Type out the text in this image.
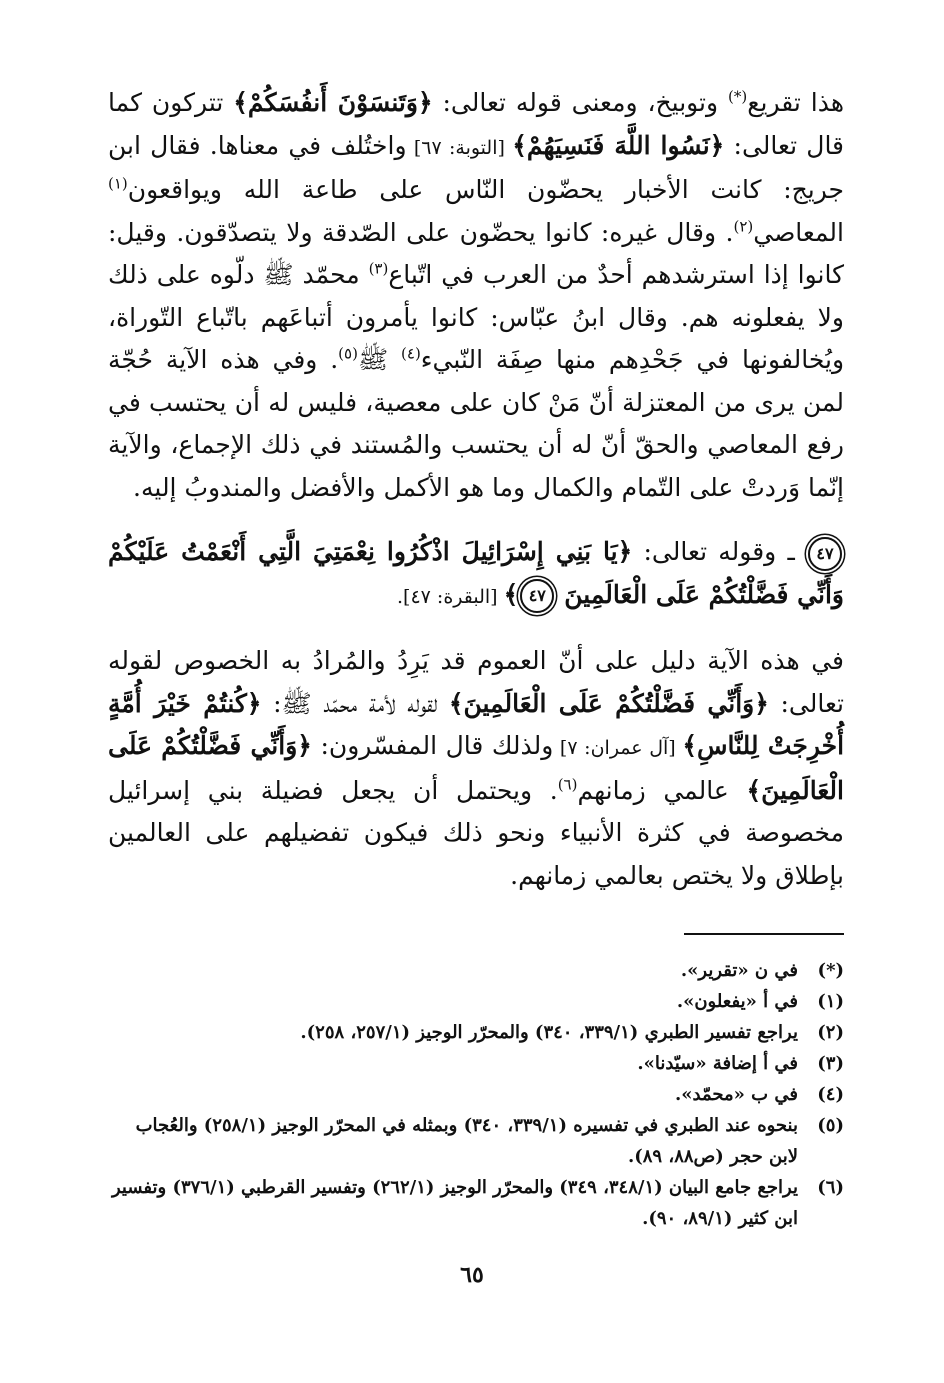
هذا تقريع(*) وتوبيخ، ومعنى قوله تعالى: ﴿وَتَنسَوْنَ أَنفُسَكُمْ﴾ تتركون كما قال تعالى: ﴿نَسُوا اللَّهَ فَنَسِيَهُمْ﴾ [التوبة: ٦٧] واختُلف في معناها. فقال ابن جريج: كانت الأخبار يحضّون النّاس على طاعة الله ويواقعون$^{(١)}$ المعاصي$^{(٢)}$. وقال غيره: كانوا يحضّون على الصّدقة ولا يتصدّقون. وقيل: كانوا إذا استرشدهم أحدٌ من العرب في اتّباع$^{(٣)}$ محمّد ﷺ دلّوه على ذلك ولا يفعلونه هم. وقال ابنُ عبّاس: كانوا يأمرون أتباعَهم باتّباع التّوراة، ويُخالفونها في جَحْدِهم منها صِفَة النّبيء$^{(٤)}$ ﷺ$^{(٥)}$. وفي هذه الآية حُجّة لمن يرى من المعتزلة أنّ مَنْ كان على معصية، فليس له أن يحتسب في رفع المعاصي والحقّ أنّ له أن يحتسب والمُستند في ذلك الإجماع، والآية إنّما وَردتْ على التّمام والكمال وما هو الأكمل والأفضل والمندوبُ إليه.

٤٧ ـ وقوله تعالى: ﴿يَا بَنِي إِسْرَائِيلَ اذْكُرُوا نِعْمَتِيَ الَّتِي أَنْعَمْتُ عَلَيْكُمْ وَأَنِّي فَضَّلْتُكُمْ عَلَى الْعَالَمِينَ ٤٧﴾ [البقرة: ٤٧].

في هذه الآية دليل على أنّ العموم قد يَرِدُ والمُرادُ به الخصوص لقوله تعالى: ﴿وَأَنِّي فَضَّلْتُكُمْ عَلَى الْعَالَمِينَ﴾ لقوله لأمة محمّد ﷺ: ﴿كُنتُمْ خَيْرَ أُمَّةٍ أُخْرِجَتْ لِلنَّاسِ﴾ [آل عمران: ٧] ولذلك قال المفسّرون: ﴿وَأَنِّي فَضَّلْتُكُمْ عَلَى الْعَالَمِينَ﴾ عالمي زمانهم$^{(٦)}$. ويحتمل أن يجعل فضيلة بني إسرائيل مخصوصة في كثرة الأنبياء ونحو ذلك فيكون تفضيلهم على العالمين بإطلاق ولا يختص بعالمي زمانهم.

(*)
في ن «تقرير».
(١)
في أ «يفعلون».
(٢)
يراجع تفسير الطبري (٣٣٩/١، ٣٤٠) والمحرّر الوجيز (٢٥٧/١، ٢٥٨).
(٣)
في أ إضافة «سيّدنا».
(٤)
في ب «محمّد».
(٥)
بنحوه عند الطبري في تفسيره (٣٣٩/١، ٣٤٠) وبمثله في المحرّر الوجيز (٢٥٨/١) والعُجاب لابن حجر (ص٨٨، ٨٩).
(٦)
يراجع جامع البيان (٣٤٨/١، ٣٤٩) والمحرّر الوجيز (٢٦٢/١) وتفسير القرطبي (٣٧٦/١) وتفسير ابن كثير (٨٩/١، ٩٠).
٦٥
